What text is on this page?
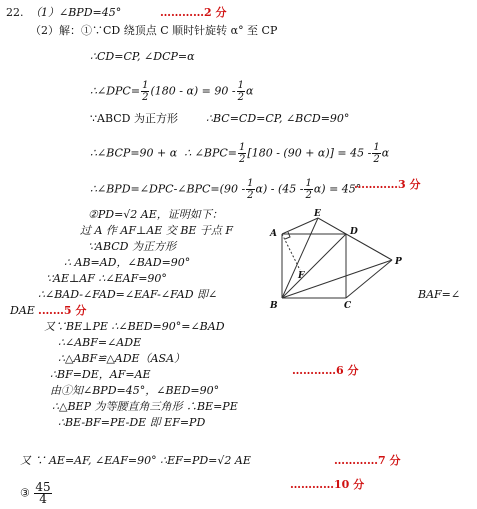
22. （1）∠BPD=45°	…………2 分
（2）解：①∵CD 绕顶点 C 顺时针旋转 α° 至 CP
∴CD=CP, ∠DCP=α
∴∠DPC= $\frac{1}{2} (180 - \alpha) = 90 - \frac{1}{2}$ α
∵ABCD 为正方形	∴BC=CD=CP, ∠BCD=90°
∴∠BCP=90 + α ∴ ∠BPC= $\frac{1}{2} [180 - (90 + \alpha)] = 45 - \frac{1}{2}$ α
∴∠BPD=∠DPC-∠BPC=(90 - $\frac{1}{2} \alpha) - (45 - \frac{1}{2} \alpha) = 45^\circ$
…………3 分
②PD=√2 AE，证明如下：
过 A 作 AF⊥AE 交 BE 于点 F
∵ABCD 为正方形
∴ AB=AD，∠BAD=90°
∵AE⊥AF ∴∠EAF=90°
∴∠BAD-∠FAD=∠EAF-∠FAD 即∠	BAF=∠
DAE .……5 分
又∵BE⊥PE ∴∠BED=90°=∠BAD
∴∠ABF=∠ADE
∴△ABF≌△ADE（ASA）
∴BF=DE，AF=AE	…………6 分
由①知∠BPD=45°，∠BED=90°
∴△BEP 为等腰直角三角形 ∴BE=PE
∴BE-BF=PE-DE 即 EF=PD
又 ∵ AE=AF, ∠EAF=90° ∴EF=PD=√2 AE	…………7 分
③ $\frac{45}{4}$	…………10 分
A	D
E
F
P
B	C
